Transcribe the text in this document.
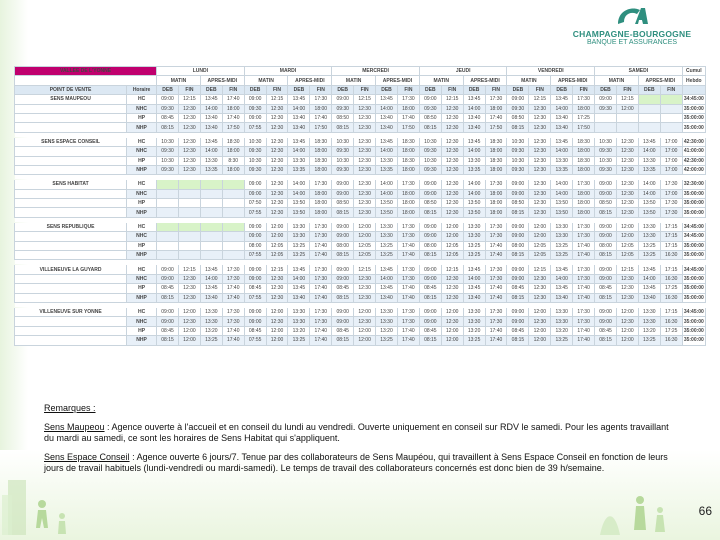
CHAMPAGNE-BOURGOGNE
BANQUE ET ASSURANCES
VALLEE DE L'YONNE		LUNDI				MARDI				MERCREDI				JEUDI				VENDREDI				SAMEDI				Cumul
		MATIN		APRES-MIDI		MATIN		APRES-MIDI		MATIN		APRES-MIDI		MATIN		APRES-MIDI		MATIN		APRES-MIDI		MATIN		APRES-MIDI		Hebdo
POINT DE VENTE	Horaire	DEB	FIN	DEB	FIN	DEB	FIN	DEB	FIN	DEB	FIN	DEB	FIN	DEB	FIN	DEB	FIN	DEB	FIN	DEB	FIN	DEB	FIN	DEB	FIN	
SENS MAUPEOU	HC	09:00	12:15	13:45	17:40	09:00	12:15	13:45	17:30	09:00	12:15	13:45	17:30	09:00	12:15	13:45	17:30	09:00	12:15	13:45	17:30	09:00	12:15			34:45:00
	NHC	09:30	12:30	14:00	18:00	09:30	12:30	14:00	18:00	09:30	12:30	14:00	18:00	09:30	12:30	14:00	18:00	09:30	12:30	14:00	18:00	09:30	12:00			35:00:00
	HP	08:45	12:30	13:40	17:40	09:00	12:30	13:40	17:40	08:50	12:30	13:40	17:40	08:50	12:30	13:40	17:40	08:50	12:30	13:40	17:25					35:00:00
	NHP	08:15	12:30	13:40	17:50	07:55	12:30	13:40	17:50	08:15	12:30	13:40	17:50	08:15	12:30	13:40	17:50	08:15	12:30	13:40	17:50					35:00:00

SENS ESPACE CONSEIL	HC	10:30	12:30	13:45	18:30	10:30	12:30	13:45	18:30	10:30	12:30	13:45	18:30	10:30	12:30	13:45	18:30	10:30	12:30	13:45	18:30	10:30	12:30	13:45	17:00	42:30:00
	NHC	09:30	12:30	14:00	18:00	09:30	12:30	14:00	18:00	09:30	12:30	14:00	18:00	09:30	12:30	14:00	18:00	09:30	12:30	14:00	18:00	09:30	12:30	14:00	17:00	41:00:00
	HP	10:30	12:30	13:30	8:30	10:30	12:30	13:30	18:30	10:30	12:30	13:30	18:30	10:30	12:30	13:30	18:30	10:30	12:30	13:30	18:30	10:30	12:30	13:30	17:00	42:30:00
	NHP	09:30	12:30	13:35	18:00	09:30	12:30	13:35	18:00	09:30	12:30	13:35	18:00	09:30	12:30	13:35	18:00	09:30	12:30	13:35	18:00	09:30	12:30	13:35	17:00	42:00:00

SENS HABITAT	HC					09:00	12:30	14:00	17:30	09:00	12:30	14:00	17:30	09:00	12:30	14:00	17:30	09:00	12:30	14:00	17:30	09:00	12:30	14:00	17:30	32:30:00
	NHC					09:00	12:30	14:00	18:00	09:00	12:30	14:00	18:00	09:00	12:30	14:00	18:00	09:00	12:30	14:00	18:00	09:00	12:30	14:00	17:00	35:00:00
	HP					07:50	12:30	13:50	18:00	08:50	12:30	13:50	18:00	08:50	12:30	13:50	18:00	08:50	12:30	13:50	18:00	08:50	12:30	13:50	17:30	35:00:00
	NHP					07:55	12:30	13:50	18:00	08:15	12:30	13:50	18:00	08:15	12:30	13:50	18:00	08:15	12:30	13:50	18:00	08:15	12:30	13:50	17:30	35:00:00

SENS REPUBLIQUE	HC					09:00	12:00	13:30	17:30	09:00	12:00	13:30	17:30	09:00	12:00	13:30	17:30	09:00	12:00	13:30	17:30	09:00	12:00	13:30	17:15	34:45:00
	NHC					09:00	12:00	13:30	17:30	09:00	12:00	13:30	17:30	09:00	12:00	13:30	17:30	09:00	12:00	13:30	17:30	09:00	12:00	13:30	17:15	34:45:00
	HP					08:00	12:05	13:25	17:40	08:00	12:05	13:25	17:40	08:00	12:05	13:25	17:40	08:00	12:05	13:25	17:40	08:00	12:05	13:25	17:15	35:00:00
	NHP					07:55	12:05	13:25	17:40	08:15	12:05	13:25	17:40	08:15	12:05	13:25	17:40	08:15	12:05	13:25	17:40	08:15	12:05	13:25	16:30	35:00:00

VILLENEUVE LA GUYARD	HC	09:00	12:15	13:45	17:30	09:00	12:15	13:45	17:30	09:00	12:15	13:45	17:30	09:00	12:15	13:45	17:30	09:00	12:15	13:45	17:30	09:00	12:15	13:45	17:15	34:45:00
	NHC	09:00	12:30	14:00	17:30	09:00	12:30	14:00	17:30	09:00	12:30	14:00	17:30	09:00	12:30	14:00	17:30	09:00	12:30	14:00	17:30	09:00	12:30	14:00	16:30	35:00:00
	HP	08:45	12:30	13:45	17:40	08:45	12:30	13:45	17:40	08:45	12:30	13:45	17:40	08:45	12:30	13:45	17:40	08:45	12:30	13:45	17:40	08:45	12:30	13:45	17:25	35:00:00
	NHP	08:15	12:30	13:40	17:40	07:55	12:30	13:40	17:40	08:15	12:30	13:40	17:40	08:15	12:30	13:40	17:40	08:15	12:30	13:40	17:40	08:15	12:30	13:40	16:30	35:00:00

VILLENEUVE SUR YONNE	HC	09:00	12:00	13:30	17:30	09:00	12:00	13:30	17:30	09:00	12:00	13:30	17:30	09:00	12:00	13:30	17:30	09:00	12:00	13:30	17:30	09:00	12:00	13:30	17:15	34:45:00
	NHC	09:00	12:30	13:30	17:30	09:00	12:30	13:30	17:30	09:00	12:30	13:30	17:30	09:00	12:30	13:30	17:30	09:00	12:30	13:30	17:30	09:00	12:30	13:30	16:30	35:00:00
	HP	08:45	12:00	13:20	17:40	08:45	12:00	13:20	17:40	08:45	12:00	13:20	17:40	08:45	12:00	13:20	17:40	08:45	12:00	13:20	17:40	08:45	12:00	13:20	17:25	35:00:00
	NHP	08:15	12:00	13:25	17:40	07:55	12:00	13:25	17:40	08:15	12:00	13:25	17:40	08:15	12:00	13:25	17:40	08:15	12:00	13:25	17:40	08:15	12:00	13:25	16:30	35:00:00

Remarques :

Sens Maupeou : Agence ouverte à l'accueil et en conseil du lundi au vendredi. Ouverte uniquement en conseil sur RDV le samedi. Pour les agents travaillant du mardi au samedi, ce sont les horaires de Sens Habitat qui s'appliquent.

Sens Espace Conseil : Agence ouverte 6 jours/7. Tenue par des collaborateurs de Sens Maupéou, qui travaillent à Sens Espace Conseil en fonction de leurs jours de travail habituels (lundi-vendredi ou mardi-samedi). Le temps de travail des collaborateurs concernés est donc bien de 39 h/semaine.

66
